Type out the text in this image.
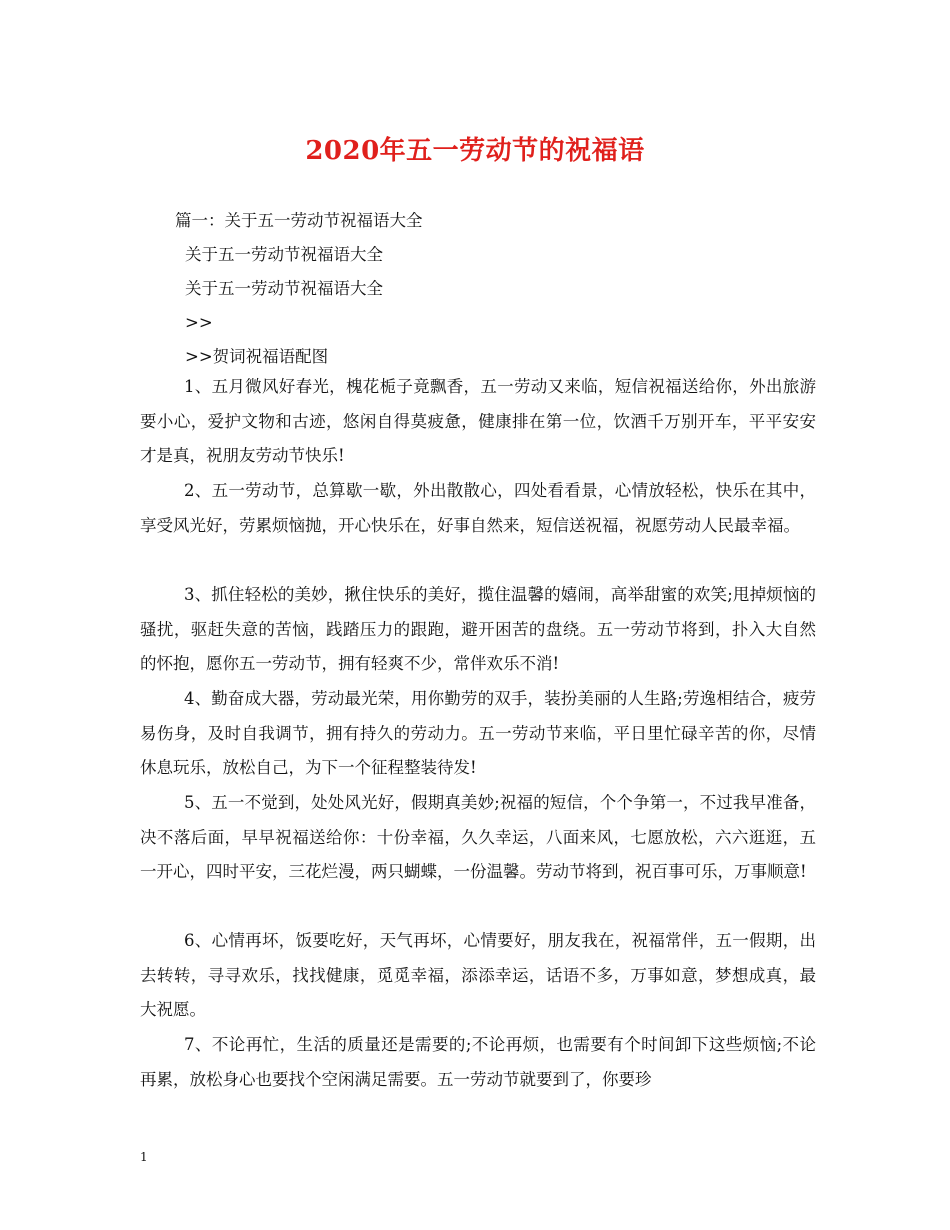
2020年五一劳动节的祝福语
篇一：关于五一劳动节祝福语大全
关于五一劳动节祝福语大全
关于五一劳动节祝福语大全
>>
>>贺词祝福语配图
1、五月微风好春光，槐花栀子竟飘香，五一劳动又来临，短信祝福送给你，外出旅游要小心，爱护文物和古迹，悠闲自得莫疲惫，健康排在第一位，饮酒千万别开车，平平安安才是真，祝朋友劳动节快乐!
2、五一劳动节，总算歇一歇，外出散散心，四处看看景，心情放轻松，快乐在其中，享受风光好，劳累烦恼抛，开心快乐在，好事自然来，短信送祝福，祝愿劳动人民最幸福。
3、抓住轻松的美妙，揪住快乐的美好，揽住温馨的嬉闹，高举甜蜜的欢笑;甩掉烦恼的骚扰，驱赶失意的苦恼，践踏压力的跟跑，避开困苦的盘绕。五一劳动节将到，扑入大自然的怀抱，愿你五一劳动节，拥有轻爽不少，常伴欢乐不消!
4、勤奋成大器，劳动最光荣，用你勤劳的双手，装扮美丽的人生路;劳逸相结合，疲劳易伤身，及时自我调节，拥有持久的劳动力。五一劳动节来临，平日里忙碌辛苦的你，尽情休息玩乐，放松自己，为下一个征程整装待发!
5、五一不觉到，处处风光好，假期真美妙;祝福的短信，个个争第一，不过我早准备，决不落后面，早早祝福送给你：十份幸福，久久幸运，八面来风，七愿放松，六六逛逛，五一开心，四时平安，三花烂漫，两只蝴蝶，一份温馨。劳动节将到，祝百事可乐，万事顺意!
6、心情再坏，饭要吃好，天气再坏，心情要好，朋友我在，祝福常伴，五一假期，出去转转，寻寻欢乐，找找健康，觅觅幸福，添添幸运，话语不多，万事如意，梦想成真，最大祝愿。
7、不论再忙，生活的质量还是需要的;不论再烦，也需要有个时间卸下这些烦恼;不论再累，放松身心也要找个空闲满足需要。五一劳动节就要到了，你要珍
1
